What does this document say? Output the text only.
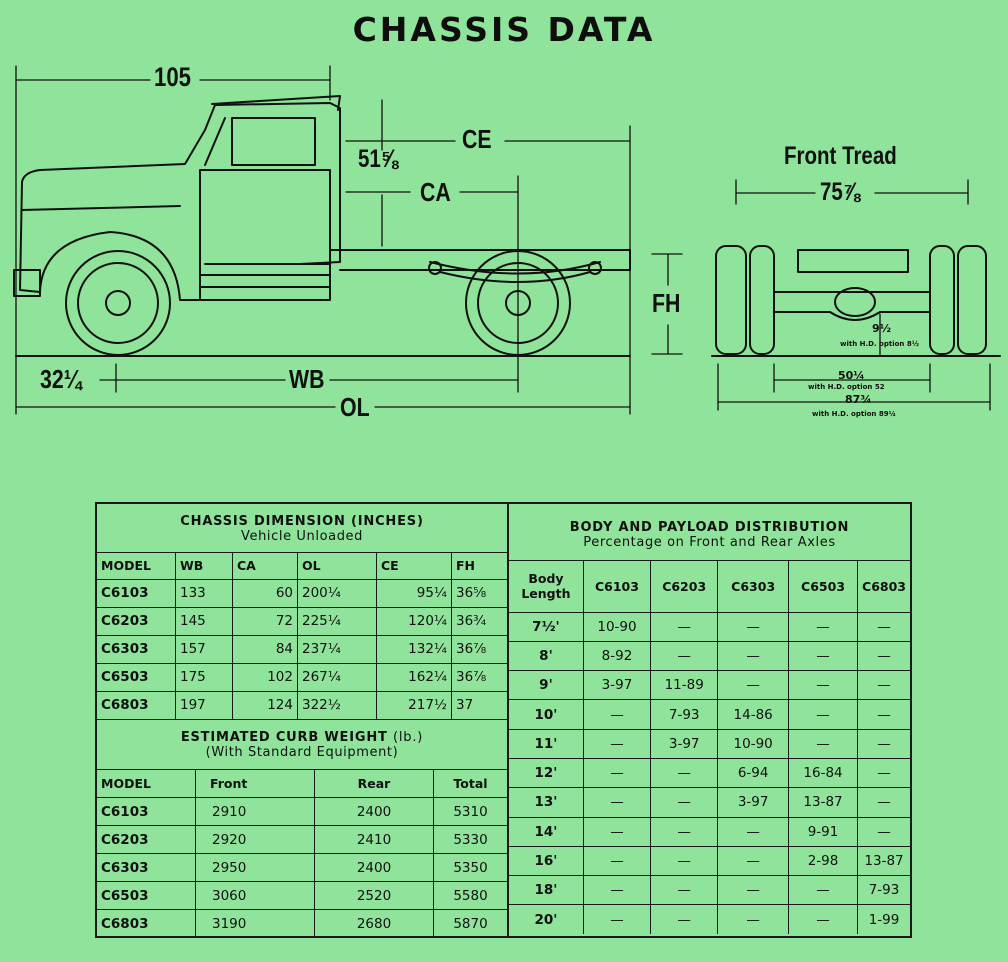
CHASSIS DATA
105
51⅝
CE
CA
FH
32¼	WB
OL
Front Tread
75⅞
9½
with H.D. option 8½
50¼
with H.D. option 52
87¾
with H.D. option 89¼
CHASSIS DIMENSION (INCHES)
Vehicle Unloaded					

MODEL	WB	CA	OL	CE	FH
C6103	133	60	200¼	95¼	36⅝
C6203	145	72	225¼	120¼	36¾
C6303	157	84	237¼	132¼	36⅞
C6503	175	102	267¼	162¼	36⅞
C6803	197	124	322½	217½	37
ESTIMATED CURB WEIGHT (lb.)
(With Standard Equipment)			

MODEL	Front	Rear	Total
C6103	2910	2400	5310
C6203	2920	2410	5330
C6303	2950	2400	5350
C6503	3060	2520	5580
C6803	3190	2680	5870
BODY AND PAYLOAD DISTRIBUTION
Percentage on Front and Rear Axles					

Body Length	C6103	C6203	C6303	C6503	C6803
7½'	10-90	—	—	—	—
8'	8-92	—	—	—	—
9'	3-97	11-89	—	—	—
10'	—	7-93	14-86	—	—
11'	—	3-97	10-90	—	—
12'	—	—	6-94	16-84	—
13'	—	—	3-97	13-87	—
14'	—	—	—	9-91	—
16'	—	—	—	2-98	13-87
18'	—	—	—	—	7-93
20'	—	—	—	—	1-99
